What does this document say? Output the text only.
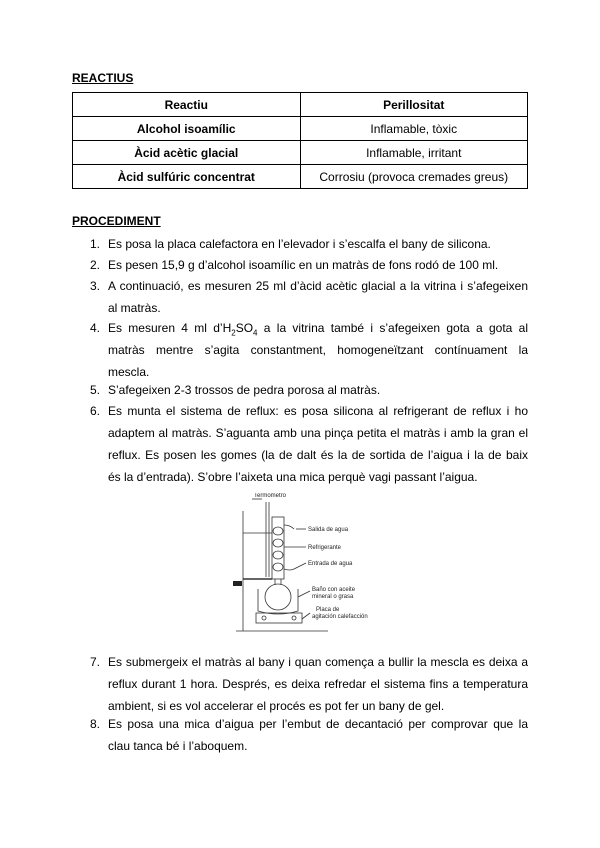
REACTIUS
Reactiu	Perillositat
Alcohol isoamílic	Inflamable, tòxic
Àcid acètic glacial	Inflamable, irritant
Àcid sulfúric concentrat	Corrosiu (provoca cremades greus)
PROCEDIMENT
1. Es posa la placa calefactora en l’elevador i s’escalfa el bany de silicona.
2. Es pesen 15,9 g d’alcohol isoamílic en un matràs de fons rodó de 100 ml.
3. A continuació, es mesuren 25 ml d’àcid acètic glacial a la vitrina i s’afegeixen
al matràs.
4. Es mesuren 4 ml $d’H_2SO_4$ a la vitrina també i s’afegeixen gota a gota al
matràs mentre s’agita constantment, homogeneïtzant contínuament la
mescla.
5. S’afegeixen 2-3 trossos de pedra porosa al matràs.
6. Es munta el sistema de reflux: es posa silicona al refrigerant de reflux i ho
adaptem al matràs. S’aguanta amb una pinça petita el matràs i amb la gran el
reflux. Es posen les gomes (la de dalt és la de sortida de l’aigua i la de baix
és la d’entrada). S’obre l’aixeta una mica perquè vagi passant l’aigua.
Termometro
Salida de agua
Refrigerante
Entrada de agua
Baño con aceite
mineral o grasa
Placa de
agitación calefacción
7. Es submergeix el matràs al bany i quan comença a bullir la mescla es deixa a
reflux durant 1 hora. Després, es deixa refredar el sistema fins a temperatura
ambient, si es vol accelerar el procés es pot fer un bany de gel.
8. Es posa una mica d’aigua per l’embut de decantació per comprovar que la
clau tanca bé i l’aboquem.
